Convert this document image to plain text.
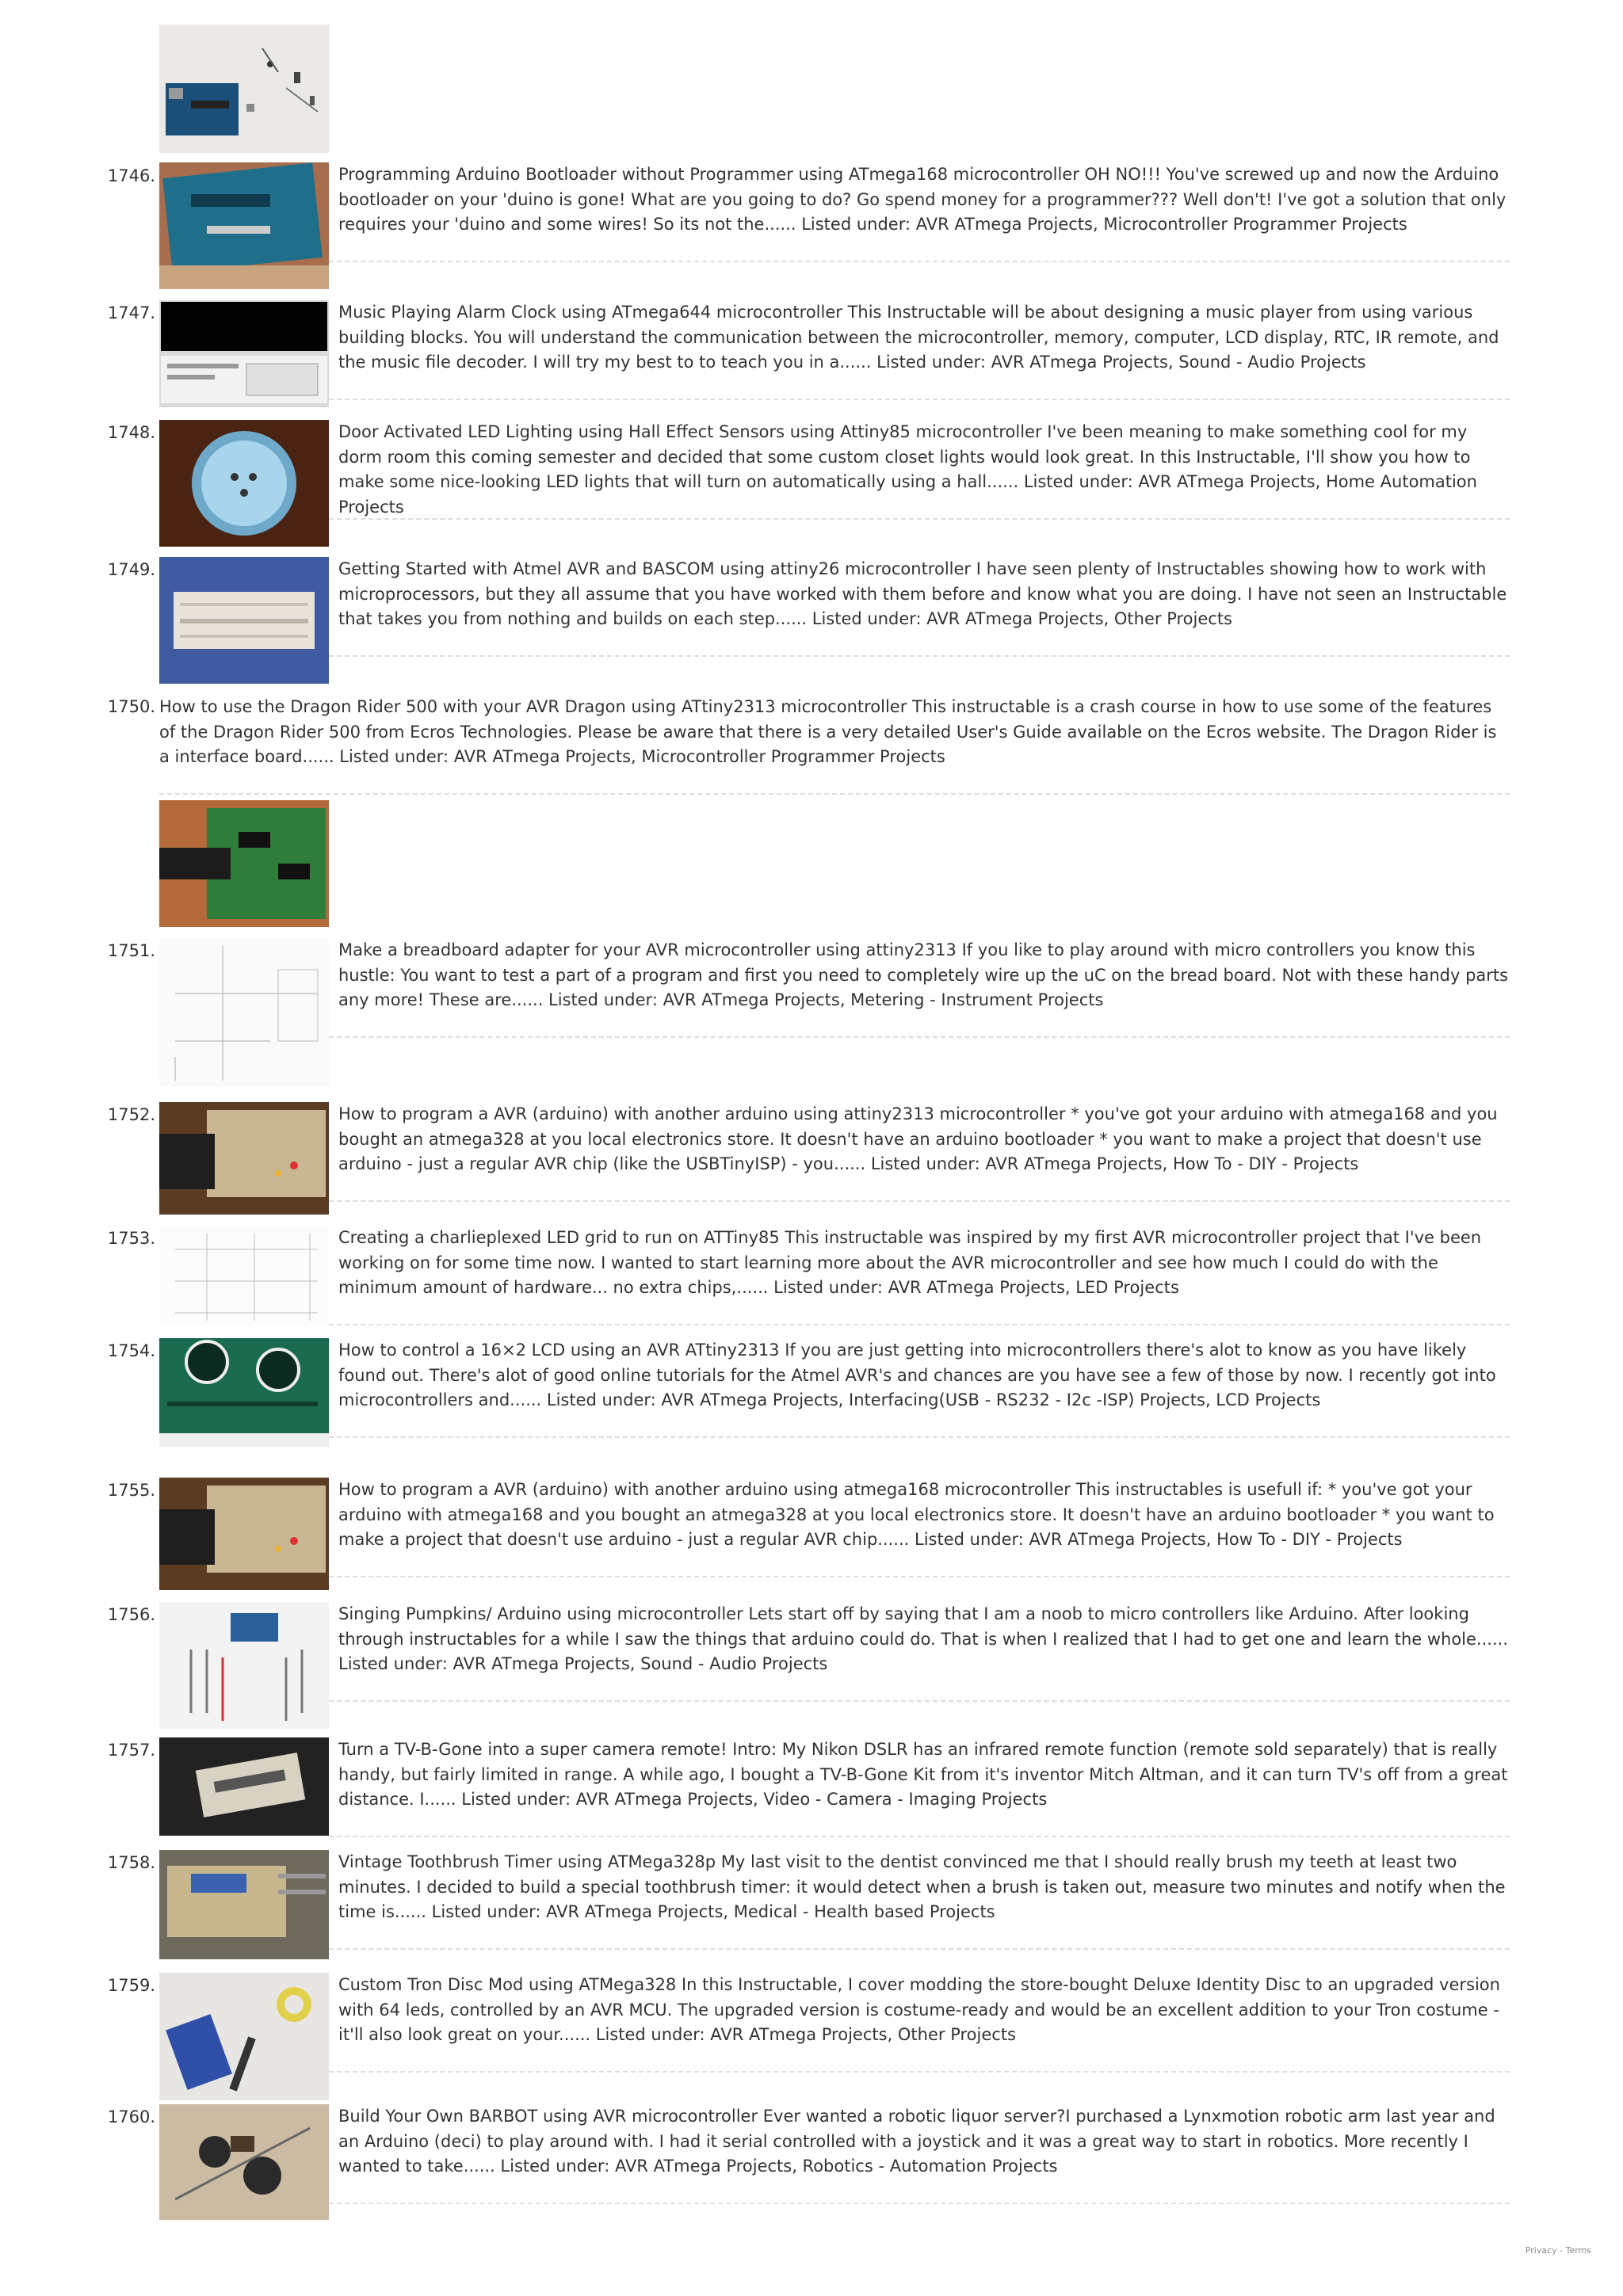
1746.	Programming Arduino Bootloader without Programmer using ATmega168 microcontroller OH NO!!! You've screwed up and now the Arduino bootloader on your 'duino is gone! What are you going to do? Go spend money for a programmer??? Well don't! I've got a solution that only requires your 'duino and some wires! So its not the...... Listed under: AVR ATmega Projects, Microcontroller Programmer Projects
1747.	Music Playing Alarm Clock using ATmega644 microcontroller This Instructable will be about designing a music player from using various building blocks. You will understand the communication between the microcontroller, memory, computer, LCD display, RTC, IR remote, and the music file decoder. I will try my best to to teach you in a...... Listed under: AVR ATmega Projects, Sound - Audio Projects
1748.	Door Activated LED Lighting using Hall Effect Sensors using Attiny85 microcontroller I've been meaning to make something cool for my dorm room this coming semester and decided that some custom closet lights would look great. In this Instructable, I'll show you how to make some nice-looking LED lights that will turn on automatically using a hall...... Listed under: AVR ATmega Projects, Home Automation Projects
1749.	Getting Started with Atmel AVR and BASCOM using attiny26 microcontroller I have seen plenty of Instructables showing how to work with microprocessors, but they all assume that you have worked with them before and know what you are doing. I have not seen an Instructable that takes you from nothing and builds on each step...... Listed under: AVR ATmega Projects, Other Projects
1750. How to use the Dragon Rider 500 with your AVR Dragon using ATtiny2313 microcontroller This instructable is a crash course in how to use some of the features of the Dragon Rider 500 from Ecros Technologies. Please be aware that there is a very detailed User's Guide available on the Ecros website. The Dragon Rider is a interface board...... Listed under: AVR ATmega Projects, Microcontroller Programmer Projects
1751.	Make a breadboard adapter for your AVR microcontroller using attiny2313 If you like to play around with micro controllers you know this hustle: You want to test a part of a program and first you need to completely wire up the uC on the bread board. Not with these handy parts any more! These are...... Listed under: AVR ATmega Projects, Metering - Instrument Projects
1752.	How to program a AVR (arduino) with another arduino using attiny2313 microcontroller * you've got your arduino with atmega168 and you bought an atmega328 at you local electronics store. It doesn't have an arduino bootloader * you want to make a project that doesn't use arduino - just a regular AVR chip (like the USBTinyISP) - you...... Listed under: AVR ATmega Projects, How To - DIY - Projects
1753.	Creating a charlieplexed LED grid to run on ATTiny85 This instructable was inspired by my first AVR microcontroller project that I've been working on for some time now. I wanted to start learning more about the AVR microcontroller and see how much I could do with the minimum amount of hardware... no extra chips,...... Listed under: AVR ATmega Projects, LED Projects
1754.	How to control a 16×2 LCD using an AVR ATtiny2313 If you are just getting into microcontrollers there's alot to know as you have likely found out. There's alot of good online tutorials for the Atmel AVR's and chances are you have see a few of those by now. I recently got into microcontrollers and...... Listed under: AVR ATmega Projects, Interfacing(USB - RS232 - I2c -ISP) Projects, LCD Projects
1755.	How to program a AVR (arduino) with another arduino using atmega168 microcontroller This instructables is usefull if: * you've got your arduino with atmega168 and you bought an atmega328 at you local electronics store. It doesn't have an arduino bootloader * you want to make a project that doesn't use arduino - just a regular AVR chip...... Listed under: AVR ATmega Projects, How To - DIY - Projects
1756.	Singing Pumpkins/ Arduino using microcontroller Lets start off by saying that I am a noob to micro controllers like Arduino. After looking through instructables for a while I saw the things that arduino could do. That is when I realized that I had to get one and learn the whole...... Listed under: AVR ATmega Projects, Sound - Audio Projects
1757.	Turn a TV-B-Gone into a super camera remote! Intro: My Nikon DSLR has an infrared remote function (remote sold separately) that is really handy, but fairly limited in range. A while ago, I bought a TV-B-Gone Kit from it's inventor Mitch Altman, and it can turn TV's off from a great distance. I...... Listed under: AVR ATmega Projects, Video - Camera - Imaging Projects
1758.	Vintage Toothbrush Timer using ATMega328p My last visit to the dentist convinced me that I should really brush my teeth at least two minutes. I decided to build a special toothbrush timer: it would detect when a brush is taken out, measure two minutes and notify when the time is...... Listed under: AVR ATmega Projects, Medical - Health based Projects
1759.	Custom Tron Disc Mod using ATMega328 In this Instructable, I cover modding the store-bought Deluxe Identity Disc to an upgraded version with 64 leds, controlled by an AVR MCU. The upgraded version is costume-ready and would be an excellent addition to your Tron costume - it'll also look great on your...... Listed under: AVR ATmega Projects, Other Projects
1760.	Build Your Own BARBOT using AVR microcontroller Ever wanted a robotic liquor server?I purchased a Lynxmotion robotic arm last year and an Arduino (deci) to play around with. I had it serial controlled with a joystick and it was a great way to start in robotics. More recently I wanted to take...... Listed under: AVR ATmega Projects, Robotics - Automation Projects
Privacy - Terms
